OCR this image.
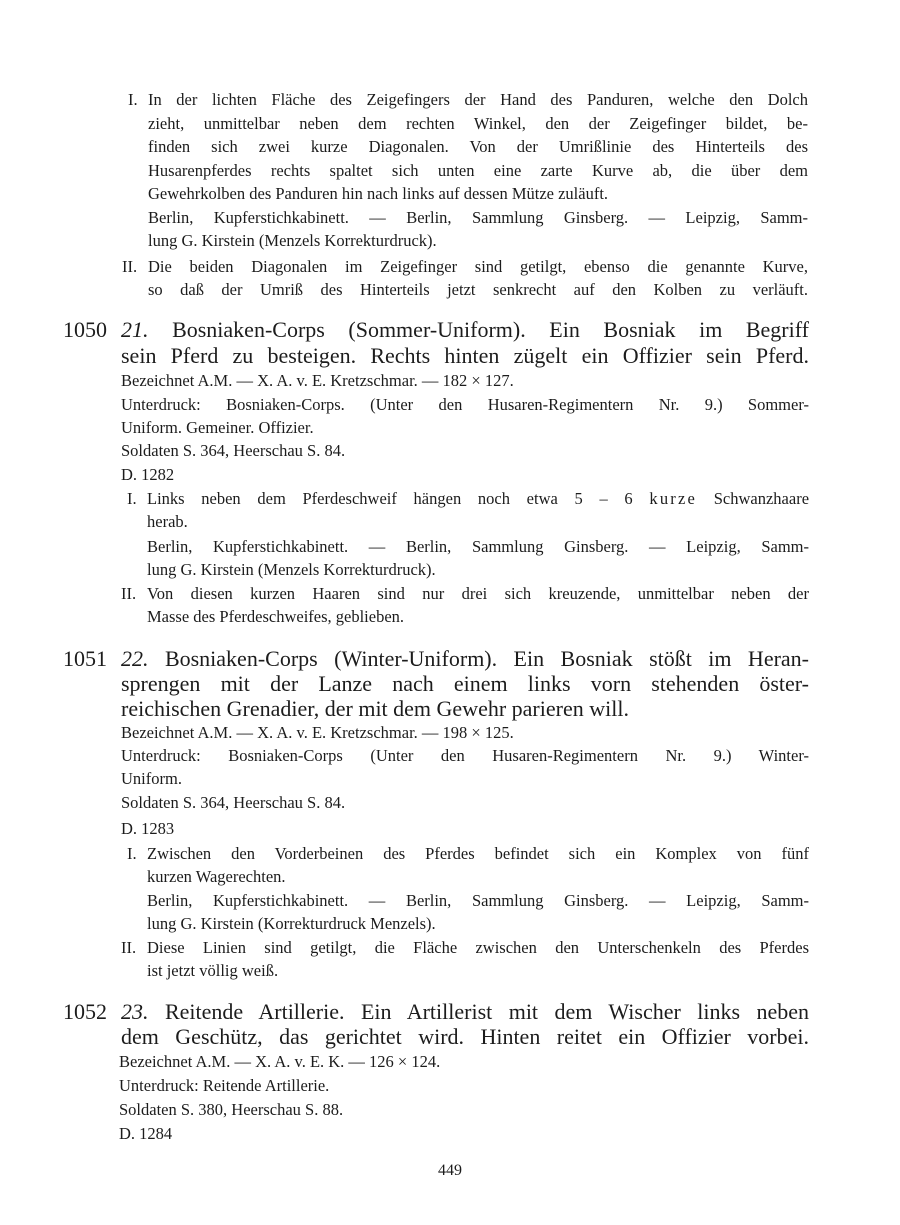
I. In der lichten Fläche des Zeigefingers der Hand des Panduren, welche den Dolch
zieht, unmittelbar neben dem rechten Winkel, den der Zeigefinger bildet, be-
finden sich zwei kurze Diagonalen. Von der Umrißlinie des Hinterteils des
Husarenpferdes rechts spaltet sich unten eine zarte Kurve ab, die über dem
Gewehrkolben des Panduren hin nach links auf dessen Mütze zuläuft.
Berlin, Kupferstichkabinett. — Berlin, Sammlung Ginsberg. — Leipzig, Samm-
lung G. Kirstein (Menzels Korrekturdruck).
II. Die beiden Diagonalen im Zeigefinger sind getilgt, ebenso die genannte Kurve,
so daß der Umriß des Hinterteils jetzt senkrecht auf den Kolben zu verläuft.
1050 21. Bosniaken-Corps (Sommer-Uniform). Ein Bosniak im Begriff
sein Pferd zu besteigen. Rechts hinten zügelt ein Offizier sein Pferd.
Bezeichnet A.M. — X. A. v. E. Kretzschmar. — 182 × 127.
Unterdruck: Bosniaken-Corps. (Unter den Husaren-Regimentern Nr. 9.) Sommer-
Uniform. Gemeiner. Offizier.
Soldaten S. 364, Heerschau S. 84.
D. 1282
I. Links neben dem Pferdeschweif hängen noch etwa 5 – 6 kurze Schwanzhaare
herab.
Berlin, Kupferstichkabinett. — Berlin, Sammlung Ginsberg. — Leipzig, Samm-
lung G. Kirstein (Menzels Korrekturdruck).
II. Von diesen kurzen Haaren sind nur drei sich kreuzende, unmittelbar neben der
Masse des Pferdeschweifes, geblieben.
1051 22. Bosniaken-Corps (Winter-Uniform). Ein Bosniak stößt im Heran-
sprengen mit der Lanze nach einem links vorn stehenden öster-
reichischen Grenadier, der mit dem Gewehr parieren will.
Bezeichnet A.M. — X. A. v. E. Kretzschmar. — 198 × 125.
Unterdruck: Bosniaken-Corps (Unter den Husaren-Regimentern Nr. 9.) Winter-
Uniform.
Soldaten S. 364, Heerschau S. 84.
D. 1283
I. Zwischen den Vorderbeinen des Pferdes befindet sich ein Komplex von fünf
kurzen Wagerechten.
Berlin, Kupferstichkabinett. — Berlin, Sammlung Ginsberg. — Leipzig, Samm-
lung G. Kirstein (Korrekturdruck Menzels).
II. Diese Linien sind getilgt, die Fläche zwischen den Unterschenkeln des Pferdes
ist jetzt völlig weiß.
1052 23. Reitende Artillerie. Ein Artillerist mit dem Wischer links neben
dem Geschütz, das gerichtet wird. Hinten reitet ein Offizier vorbei.
Bezeichnet A.M. — X. A. v. E. K. — 126 × 124.
Unterdruck: Reitende Artillerie.
Soldaten S. 380, Heerschau S. 88.
D. 1284
449
